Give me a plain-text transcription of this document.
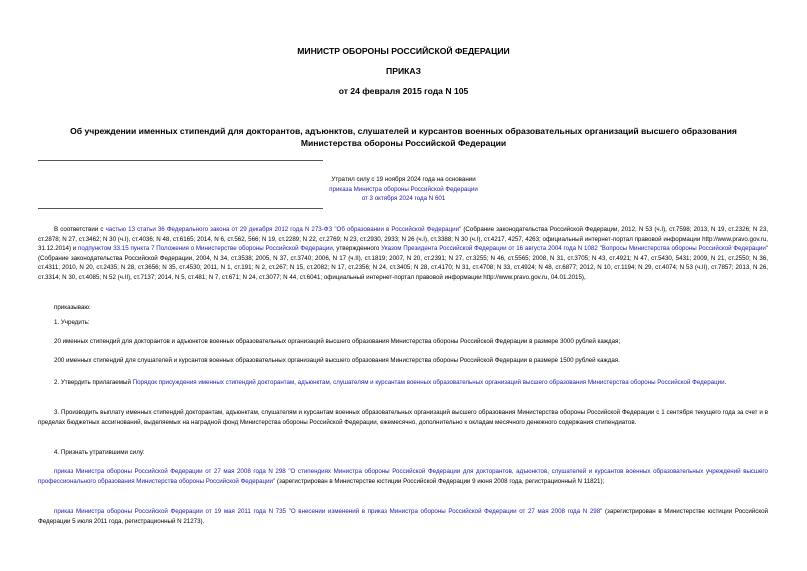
МИНИСТР ОБОРОНЫ РОССИЙСКОЙ ФЕДЕРАЦИИ
ПРИКАЗ
от 24 февраля 2015 года N 105
Об учреждении именных стипендий для докторантов, адъюнктов, слушателей и курсантов военных образовательных организаций высшего образования Министерства обороны Российской Федерации
Утратил силу с 19 ноября 2024 года на основании
приказа Министра обороны Российской Федерации
от 3 октября 2024 года N 601
В соответствии с частью 13 статьи 36 Федерального закона от 29 декабря 2012 года N 273-ФЗ "Об образовании в Российской Федерации" (Собрание законодательства Российской Федерации, 2012, N 53 (ч.I), ст.7598; 2013, N 19, ст.2326; N 23, ст.2878; N 27, ст.3462; N 30 (ч.I), ст.4036; N 48, ст.6165; 2014, N 6, ст.562, 566; N 19, ст.2289; N 22, ст.2769; N 23, ст.2930, 2933; N 26 (ч.I), ст.3388; N 30 (ч.I), ст.4217, 4257, 4263; официальный интернет-портал правовой информации http://www.pravo.gov.ru, 31.12.2014) и подпунктом 33.15 пункта 7 Положения о Министерстве обороны Российской Федерации, утвержденного Указом Президента Российской Федерации от 16 августа 2004 года N 1082 "Вопросы Министерства обороны Российской Федерации" (Собрание законодательства Российской Федерации, 2004, N 34, ст.3538; 2005, N 37, ст.3740; 2006, N 17 (ч.II), ст.1819; 2007, N 20, ст.2391; N 27, ст.3255; N 46, ст.5565; 2008, N 31, ст.3705; N 43, ст.4921; N 47, ст.5430, 5431; 2009, N 21, ст.2550; N 36, ст.4311; 2010, N 20, ст.2435; N 28, ст.3656; N 35, ст.4530; 2011, N 1, ст.191; N 2, ст.267; N 15, ст.2082; N 17, ст.2356; N 24, ст.3405; N 28, ст.4170; N 31, ст.4708; N 33, ст.4924; N 48, ст.6877; 2012, N 10, ст.1194; N 29, ст.4074; N 53 (ч.II), ст.7857; 2013, N 26, ст.3314; N 30, ст.4085; N 52 (ч.II), ст.7137; 2014, N 5, ст.481; N 7, ст.671; N 24, ст.3077; N 44, ст.6041; официальный интернет-портал правовой информации http://www.pravo.gov.ru, 04.01.2015),
приказываю:
1. Учредить:
20 именных стипендий для докторантов и адъюнктов военных образовательных организаций высшего образования Министерства обороны Российской Федерации в размере 3000 рублей каждая;
200 именных стипендий для слушателей и курсантов военных образовательных организаций высшего образования Министерства обороны Российской Федерации в размере 1500 рублей каждая.
2. Утвердить прилагаемый Порядок присуждения именных стипендий докторантам, адъюнктам, слушателям и курсантам военных образовательных организаций высшего образования Министерства обороны Российской Федерации.
3. Производить выплату именных стипендий докторантам, адъюнктам, слушателям и курсантам военных образовательных организаций высшего образования Министерства обороны Российской Федерации с 1 сентября текущего года за счет и в пределах бюджетных ассигнований, выделяемых на наградной фонд Министерства обороны Российской Федерации, ежемесячно, дополнительно к окладам месячного денежного содержания стипендиатов.
4. Признать утратившими силу:
приказ Министра обороны Российской Федерации от 27 мая 2008 года N 298 "О стипендиях Министра обороны Российской Федерации для докторантов, адъюнктов, слушателей и курсантов военных образовательных учреждений высшего профессионального образования Министерства обороны Российской Федерации" (зарегистрирован в Министерстве юстиции Российской Федерации 9 июня 2008 года, регистрационный N 11821);
приказ Министра обороны Российской Федерации от 19 мая 2011 года N 735 "О внесении изменений в приказ Министра обороны Российской Федерации от 27 мая 2008 года N 298" (зарегистрирован в Министерстве юстиции Российской Федерации 5 июля 2011 года, регистрационный N 21273).
